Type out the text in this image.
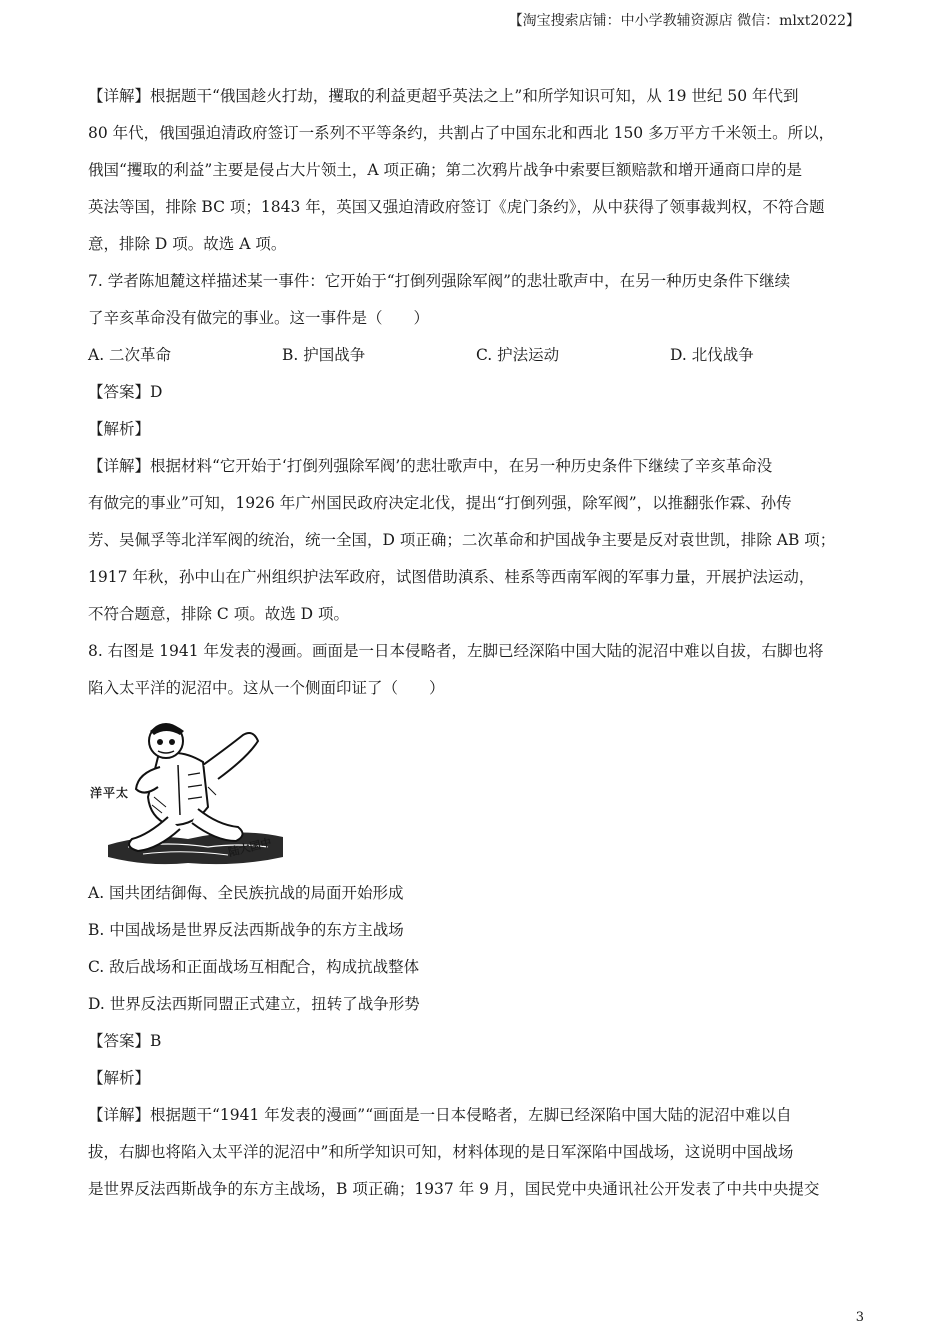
【淘宝搜索店铺：中小学教辅资源店 微信：mlxt2022】

【详解】根据题干“俄国趁火打劫，攫取的利益更超乎英法之上”和所学知识可知，从 19 世纪 50 年代到

80 年代，俄国强迫清政府签订一系列不平等条约，共割占了中国东北和西北 150 多万平方千米领土。所以，

俄国“攫取的利益”主要是侵占大片领土，A 项正确；第二次鸦片战争中索要巨额赔款和增开通商口岸的是

英法等国，排除 BC 项；1843 年，英国又强迫清政府签订《虎门条约》，从中获得了领事裁判权，不符合题

意，排除 D 项。故选 A 项。

7. 学者陈旭麓这样描述某一事件：它开始于“打倒列强除军阀”的悲壮歌声中，在另一种历史条件下继续

了辛亥革命没有做完的事业。这一事件是（　　）

A. 二次革命	B. 护国战争	C. 护法运动	D. 北伐战争

【答案】D

【解析】

【详解】根据材料“它开始于‘打倒列强除军阀’的悲壮歌声中，在另一种历史条件下继续了辛亥革命没

有做完的事业”可知，1926 年广州国民政府决定北伐，提出“打倒列强，除军阀”，以推翻张作霖、孙传

芳、吴佩孚等北洋军阀的统治，统一全国，D 项正确；二次革命和护国战争主要是反对袁世凯，排除 AB 项；

1917 年秋，孙中山在广州组织护法军政府，试图借助滇系、桂系等西南军阀的军事力量，开展护法运动，

不符合题意，排除 C 项。故选 D 项。

8. 右图是 1941 年发表的漫画。画面是一日本侵略者，左脚已经深陷中国大陆的泥沼中难以自拔，右脚也将

陷入太平洋的泥沼中。这从一个侧面印证了（　　）

洋平太
陆大国中

A. 国共团结御侮、全民族抗战的局面开始形成

B. 中国战场是世界反法西斯战争的东方主战场

C. 敌后战场和正面战场互相配合，构成抗战整体

D. 世界反法西斯同盟正式建立，扭转了战争形势

【答案】B

【解析】

【详解】根据题干“1941 年发表的漫画”“画面是一日本侵略者，左脚已经深陷中国大陆的泥沼中难以自

拔，右脚也将陷入太平洋的泥沼中”和所学知识可知，材料体现的是日军深陷中国战场，这说明中国战场

是世界反法西斯战争的东方主战场，B 项正确；1937 年 9 月，国民党中央通讯社公开发表了中共中央提交

3
